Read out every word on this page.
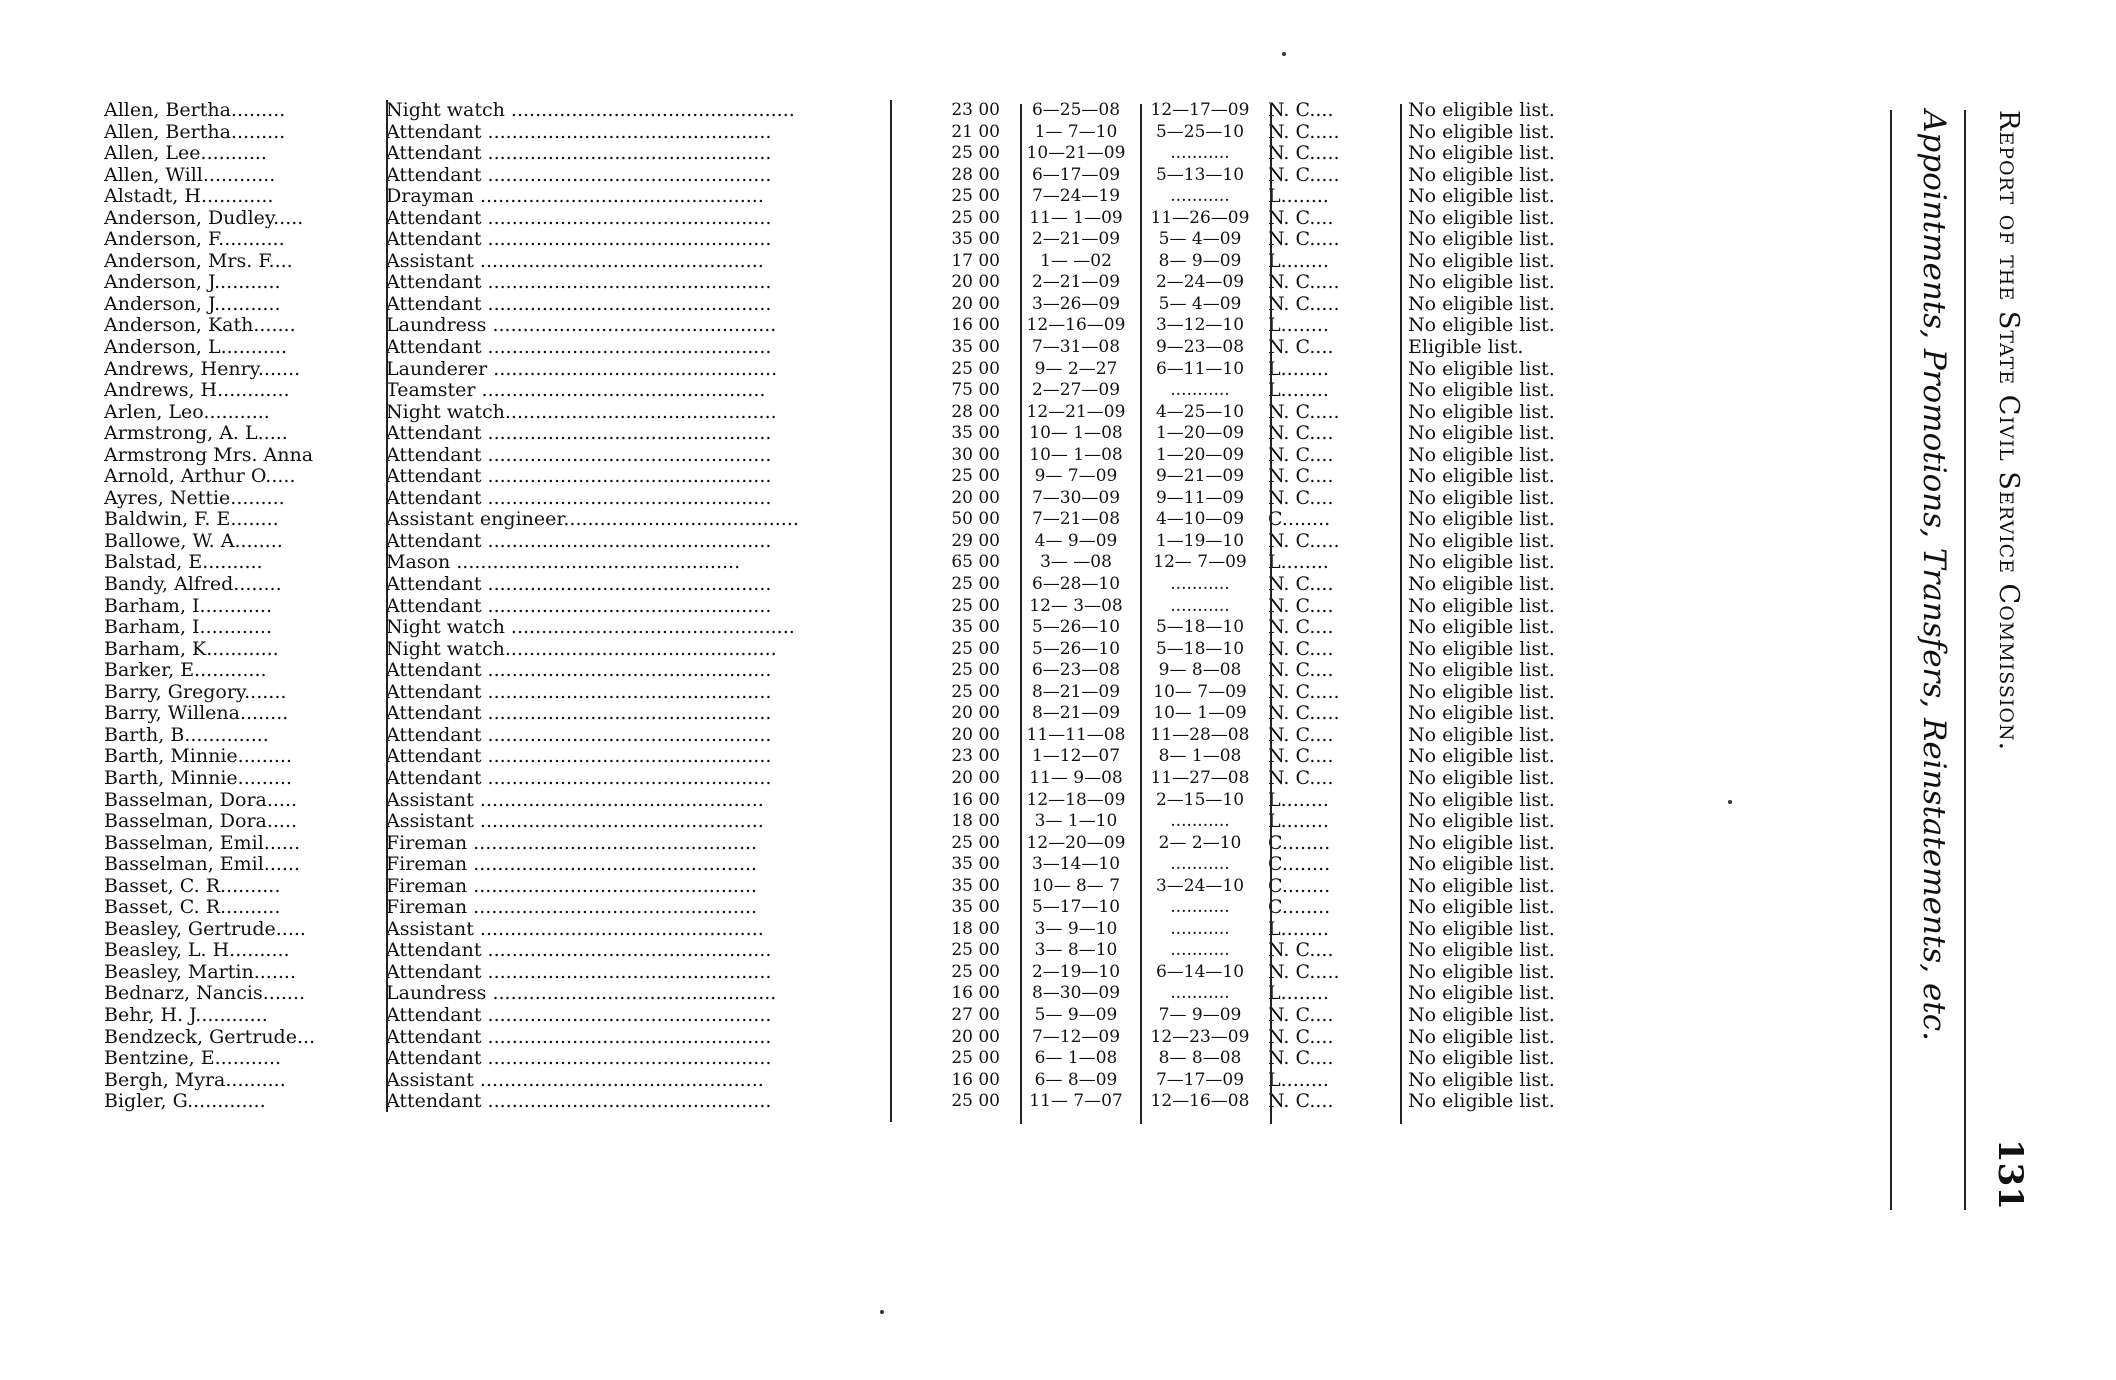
Allen, Bertha.........	Night watch ...............................................	23 00	6—25—08	12—17—09 N. C....	No eligible list.
Allen, Bertha.........	Attendant ...............................................	21 00	1— 7—10	5—25—10	N. C.....	No eligible list.
Allen, Lee...........	Attendant ...............................................	25 00	10—21—09	...........	N. C.....	No eligible list.
Allen, Will............	Attendant ...............................................	28 00	6—17—09	5—13—10	N. C.....	No eligible list.
Alstadt, H............	Drayman ...............................................	25 00	7—24—19	...........	L........	No eligible list.
Anderson, Dudley.....	Attendant ...............................................	25 00	11— 1—09	11—26—09 N. C....	No eligible list.
Anderson, F...........	Attendant ...............................................	35 00	2—21—09	5— 4—09	N. C.....	No eligible list.
Anderson, Mrs. F....	Assistant ...............................................	17 00	1— —02	8— 9—09	L........	No eligible list.
Anderson, J...........	Attendant ...............................................	20 00	2—21—09	2—24—09	N. C.....	No eligible list.
Anderson, J...........	Attendant ...............................................	20 00	3—26—09	5— 4—09	N. C.....	No eligible list.
Anderson, Kath.......	Laundress ...............................................	16 00	12—16—09	3—12—10	L........	No eligible list.
Anderson, L...........	Attendant ...............................................	35 00	7—31—08	9—23—08	N. C....	Eligible list.
Andrews, Henry.......	Launderer ...............................................	25 00	9— 2—27	6—11—10	L........	No eligible list.
Andrews, H............	Teamster ...............................................	75 00	2—27—09	...........	L........	No eligible list.
Arlen, Leo...........	Night watch.............................................	28 00	12—21—09	4—25—10	N. C.....	No eligible list.
Armstrong, A. L.....	Attendant ...............................................	35 00	10— 1—08	1—20—09	N. C....	No eligible list.
Armstrong Mrs. Anna	Attendant ...............................................	30 00	10— 1—08	1—20—09	N. C....	No eligible list.
Arnold, Arthur O.....	Attendant ...............................................	25 00	9— 7—09	9—21—09	N. C....	No eligible list.
Ayres, Nettie.........	Attendant ...............................................	20 00	7—30—09	9—11—09	N. C....	No eligible list.
Baldwin, F. E........	Assistant engineer.......................................	50 00	7—21—08	4—10—09	C........	No eligible list.
Ballowe, W. A........	Attendant ...............................................	29 00	4— 9—09	1—19—10	N. C.....	No eligible list.
Balstad, E..........	Mason ...............................................	65 00	3— —08	12— 7—09	L........	No eligible list.
Bandy, Alfred........	Attendant ...............................................	25 00	6—28—10	...........	N. C....	No eligible list.
Barham, I............	Attendant ...............................................	25 00	12— 3—08	...........	N. C....	No eligible list.
Barham, I............	Night watch ...............................................	35 00	5—26—10	5—18—10	N. C....	No eligible list.
Barham, K............	Night watch.............................................	25 00	5—26—10	5—18—10	N. C....	No eligible list.
Barker, E............	Attendant ...............................................	25 00	6—23—08	9— 8—08	N. C....	No eligible list.
Barry, Gregory.......	Attendant ...............................................	25 00	8—21—09	10— 7—09	N. C.....	No eligible list.
Barry, Willena........	Attendant ...............................................	20 00	8—21—09	10— 1—09	N. C.....	No eligible list.
Barth, B..............	Attendant ...............................................	20 00	11—11—08	11—28—08 N. C....	No eligible list.
Barth, Minnie.........	Attendant ...............................................	23 00	1—12—07	8— 1—08	N. C....	No eligible list.
Barth, Minnie.........	Attendant ...............................................	20 00	11— 9—08	11—27—08 N. C....	No eligible list.
Basselman, Dora.....	Assistant ...............................................	16 00	12—18—09	2—15—10	L........	No eligible list.
Basselman, Dora.....	Assistant ...............................................	18 00	3— 1—10	...........	L........	No eligible list.
Basselman, Emil......	Fireman ...............................................	25 00	12—20—09	2— 2—10	C........	No eligible list.
Basselman, Emil......	Fireman ...............................................	35 00	3—14—10	...........	C........	No eligible list.
Basset, C. R..........	Fireman ...............................................	35 00	10— 8— 7	3—24—10	C........	No eligible list.
Basset, C. R..........	Fireman ...............................................	35 00	5—17—10	...........	C........	No eligible list.
Beasley, Gertrude.....	Assistant ...............................................	18 00	3— 9—10	...........	L........	No eligible list.
Beasley, L. H..........	Attendant ...............................................	25 00	3— 8—10	...........	N. C....	No eligible list.
Beasley, Martin.......	Attendant ...............................................	25 00	2—19—10	6—14—10	N. C.....	No eligible list.
Bednarz, Nancis.......	Laundress ...............................................	16 00	8—30—09	...........	L........	No eligible list.
Behr, H. J............	Attendant ...............................................	27 00	5— 9—09	7— 9—09	N. C....	No eligible list.
Bendzeck, Gertrude...	Attendant ...............................................	20 00	7—12—09	12—23—09 N. C....	No eligible list.
Bentzine, E...........	Attendant ...............................................	25 00	6— 1—08	8— 8—08	N. C....	No eligible list.
Bergh, Myra..........	Assistant ...............................................	16 00	6— 8—09	7—17—09	L........	No eligible list.
Bigler, G.............	Attendant ...............................................	25 00	11— 7—07	12—16—08 N. C....	No eligible list.
Report of the State Civil Service Commission.
131
Appointments, Promotions, Transfers, Reinstatements, etc.
